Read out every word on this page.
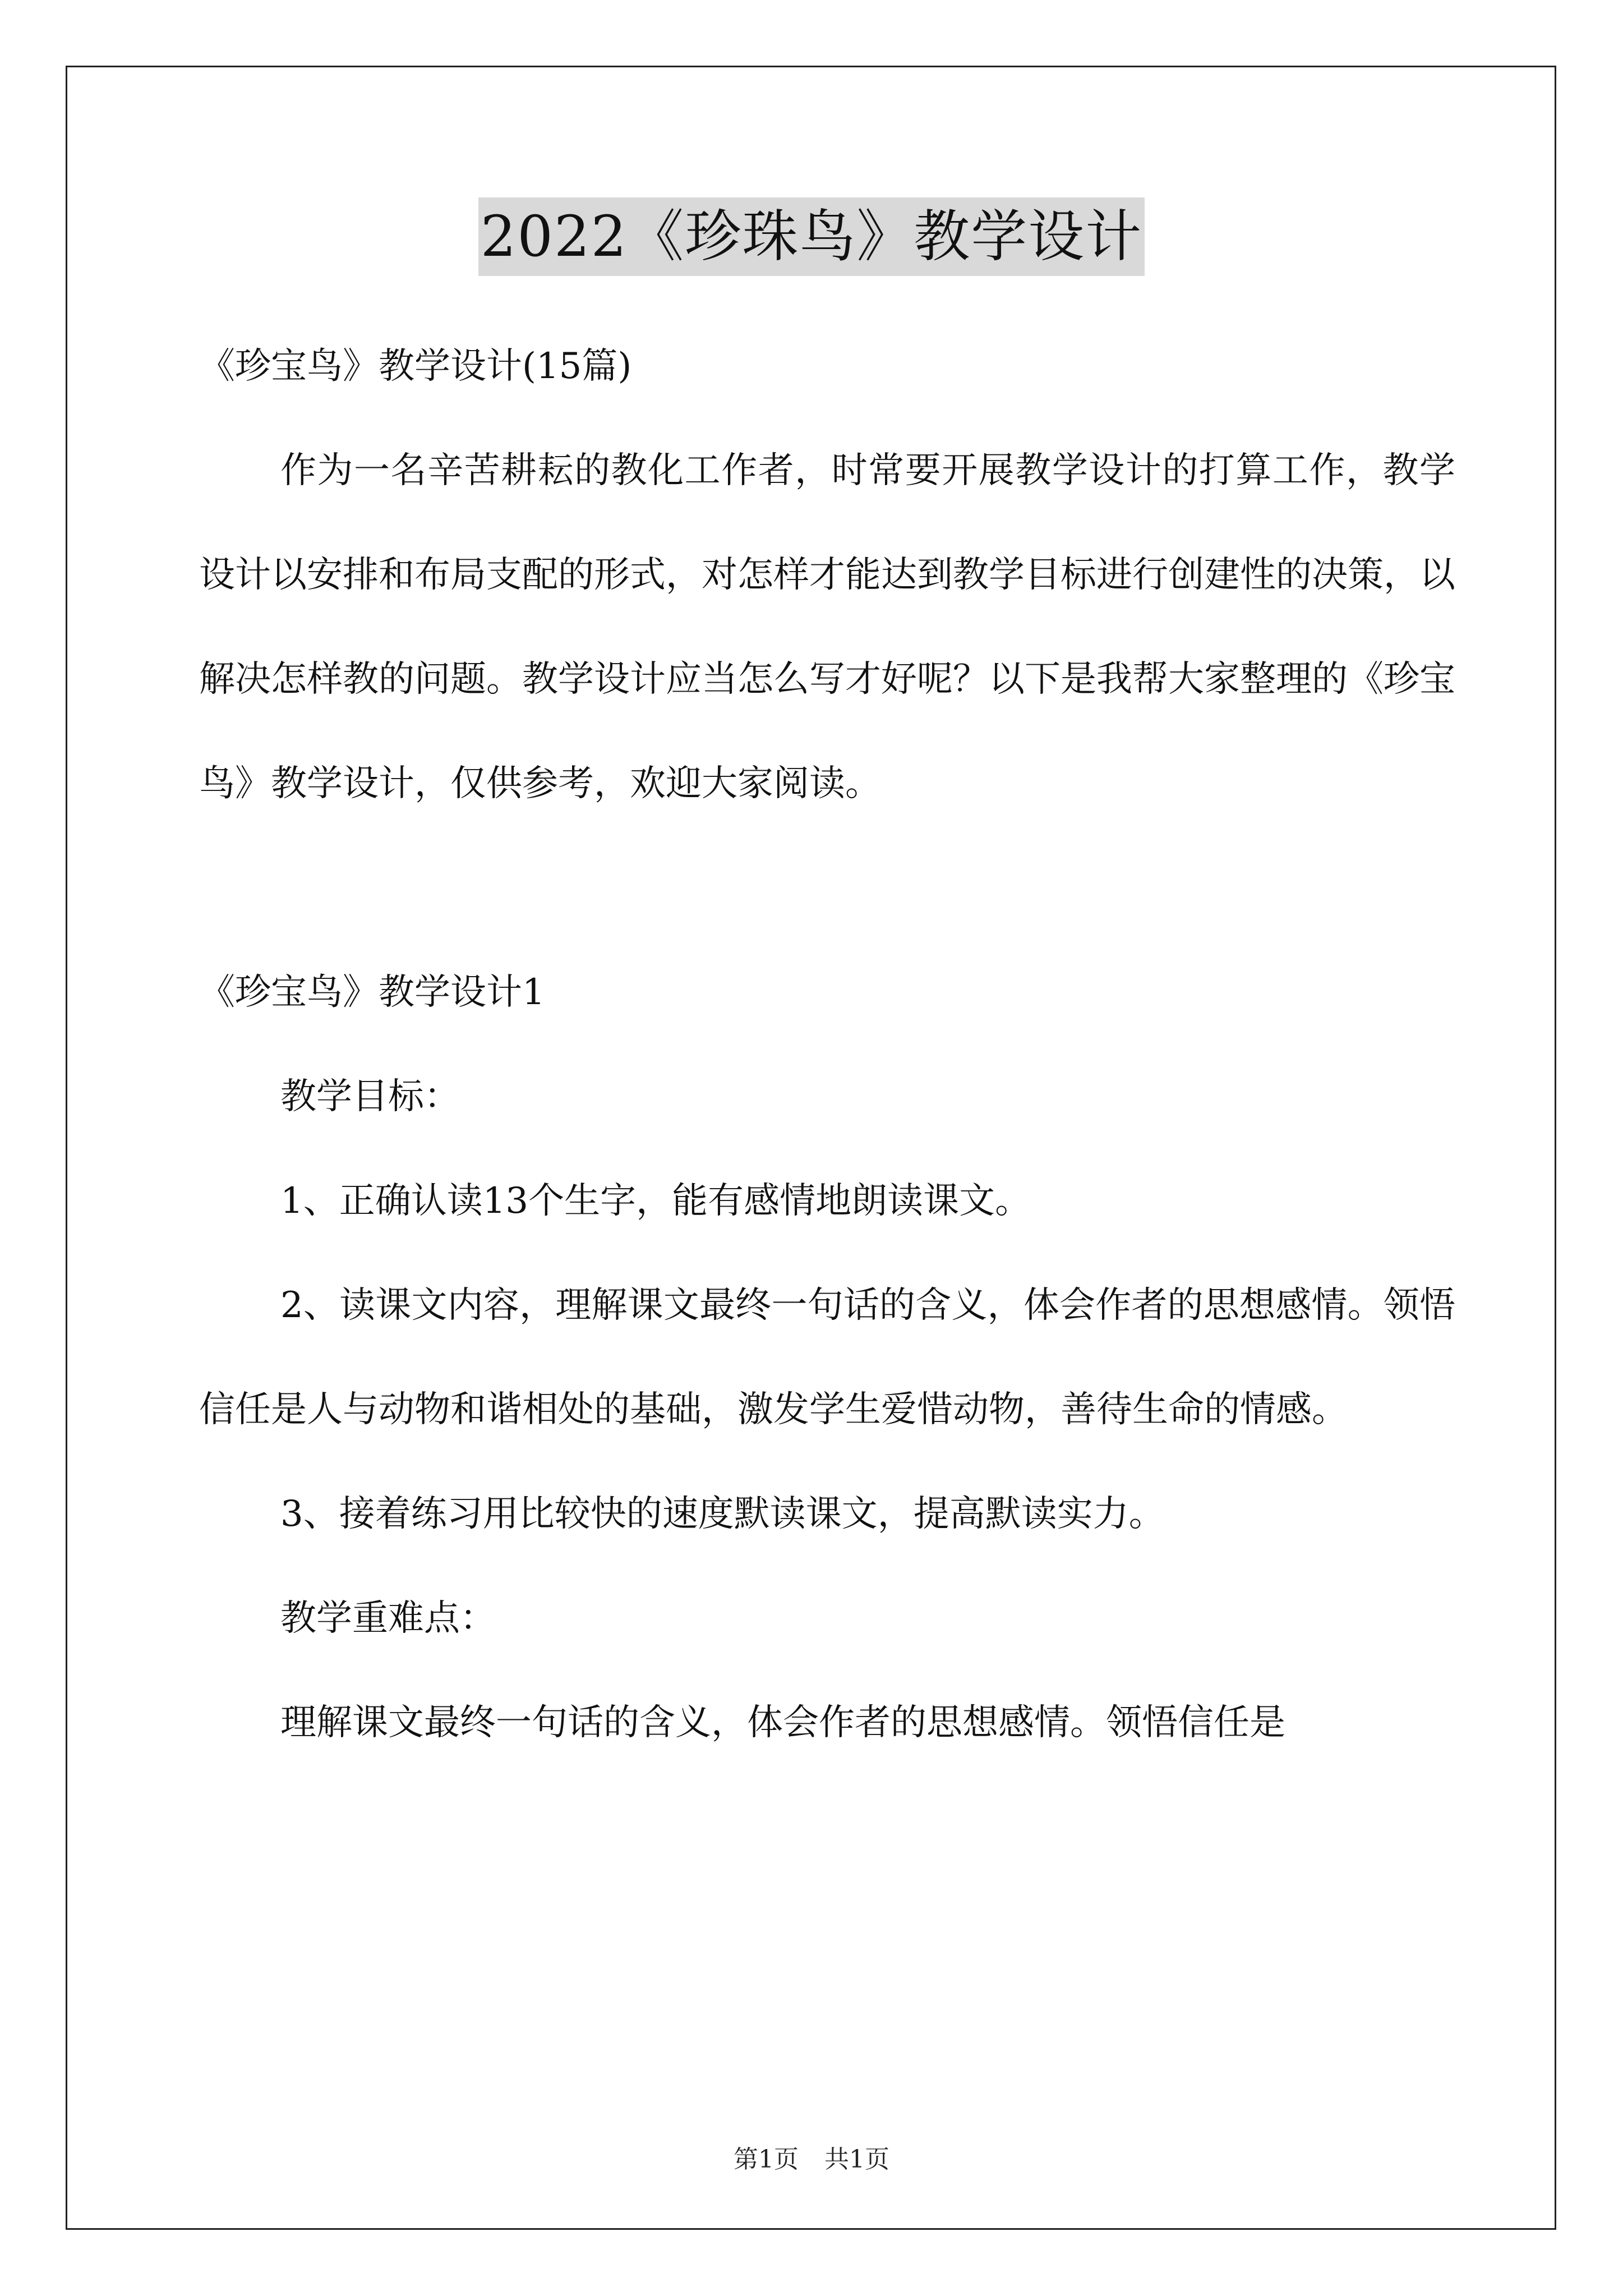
2022《珍珠鸟》教学设计

《珍宝鸟》教学设计(15篇)

作为一名辛苦耕耘的教化工作者，时常要开展教学设计的打算工作，教学设计以安排和布局支配的形式，对怎样才能达到教学目标进行创建性的决策，以解决怎样教的问题。教学设计应当怎么写才好呢？以下是我帮大家整理的《珍宝鸟》教学设计，仅供参考，欢迎大家阅读。

《珍宝鸟》教学设计1

教学目标：

1、正确认读13个生字，能有感情地朗读课文。

2、读课文内容，理解课文最终一句话的含义，体会作者的思想感情。领悟信任是人与动物和谐相处的基础，激发学生爱惜动物，善待生命的情感。

3、接着练习用比较快的速度默读课文，提高默读实力。

教学重难点：

理解课文最终一句话的含义，体会作者的思想感情。领悟信任是

第1页 共1页
